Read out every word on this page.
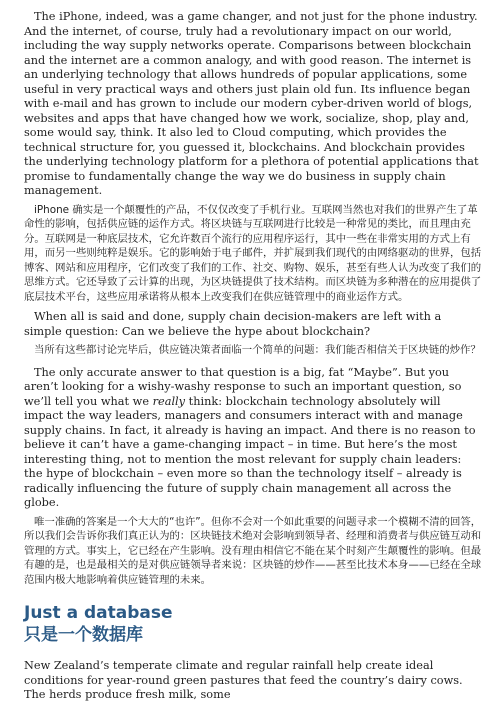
The iPhone, indeed, was a game changer, and not just for the phone industry. And the internet, of course, truly had a revolutionary impact on our world, including the way supply networks operate. Comparisons between blockchain and the internet are a common analogy, and with good reason. The internet is an underlying technology that allows hundreds of popular applications, some useful in very practical ways and others just plain old fun. Its influence began with e-mail and has grown to include our modern cyber-driven world of blogs, websites and apps that have changed how we work, socialize, shop, play and, some would say, think. It also led to Cloud computing, which provides the technical structure for, you guessed it, blockchains. And blockchain provides the underlying technology platform for a plethora of potential applications that promise to fundamentally change the way we do business in supply chain management.

iPhone 确实是一个颠覆性的产品，不仅仅改变了手机行业。互联网当然也对我们的世界产生了革命性的影响，包括供应链的运作方式。将区块链与互联网进行比较是一种常见的类比，而且理由充分。互联网是一种底层技术，它允许数百个流行的应用程序运行，其中一些在非常实用的方式上有用，而另一些则纯粹是娱乐。它的影响始于电子邮件，并扩展到我们现代的由网络驱动的世界，包括博客、网站和应用程序，它们改变了我们的工作、社交、购物、娱乐，甚至有些人认为改变了我们的思维方式。它还导致了云计算的出现，为区块链提供了技术结构。而区块链为多种潜在的应用提供了底层技术平台，这些应用承诺将从根本上改变我们在供应链管理中的商业运作方式。

When all is said and done, supply chain decision-makers are left with a simple question: Can we believe the hype about blockchain?

当所有这些都讨论完毕后，供应链决策者面临一个简单的问题：我们能否相信关于区块链的炒作？

The only accurate answer to that question is a big, fat “Maybe”. But you aren’t looking for a wishy-washy response to such an important question, so we’ll tell you what we really think: blockchain technology absolutely will impact the way leaders, managers and consumers interact with and manage supply chains. In fact, it already is having an impact. And there is no reason to believe it can’t have a game-changing impact – in time. But here’s the most interesting thing, not to mention the most relevant for supply chain leaders: the hype of blockchain – even more so than the technology itself – already is radically influencing the future of supply chain management all across the globe.

唯一准确的答案是一个大大的“也许”。但你不会对一个如此重要的问题寻求一个模糊不清的回答，所以我们会告诉你我们真正认为的：区块链技术绝对会影响到领导者、经理和消费者与供应链互动和管理的方式。事实上，它已经在产生影响。没有理由相信它不能在某个时刻产生颠覆性的影响。但最有趣的是，也是最相关的是对供应链领导者来说：区块链的炒作——甚至比技术本身——已经在全球范围内极大地影响着供应链管理的未来。

Just a database
只是一个数据库

New Zealand’s temperate climate and regular rainfall help create ideal conditions for year-round green pastures that feed the country’s dairy cows. The herds produce fresh milk, some
